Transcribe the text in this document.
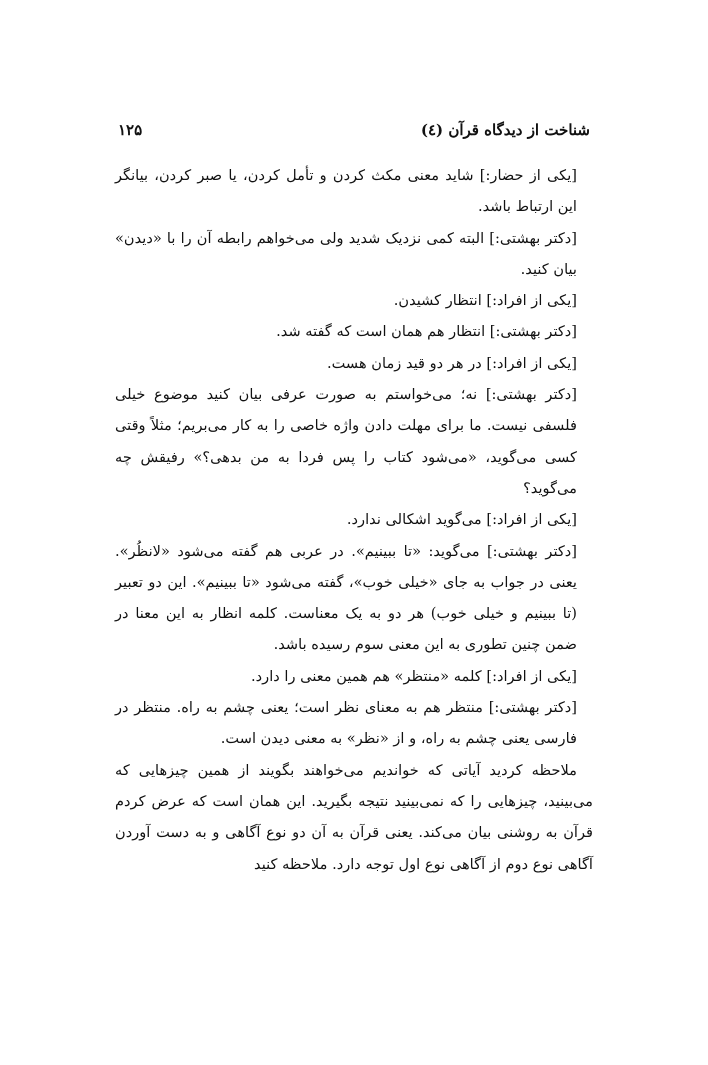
شناخت از دیدگاه قرآن (٤)
۱۲۵

[یکی از حضار:] شاید معنی مکث کردن و تأمل کردن، یا صبر کردن، بیانگر این ارتباط باشد.

[دکتر بهشتی:] البته کمی نزدیک شدید ولی می‌خواهم رابطه آن را با «دیدن» بیان کنید.

[یکی از افراد:] انتظار کشیدن.

[دکتر بهشتی:] انتظار هم همان است که گفته شد.

[یکی از افراد:] در هر دو قید زمان هست.

[دکتر بهشتی:] نه؛ می‌خواستم به صورت عرفی بیان کنید موضوع خیلی فلسفی نیست. ما برای مهلت دادن واژه خاصی را به کار می‌بریم؛ مثلاً وقتی کسی می‌گوید، «می‌شود کتاب را پس فردا به من بدهی؟» رفیقش چه می‌گوید؟

[یکی از افراد:] می‌گوید اشکالی ندارد.

[دکتر بهشتی:] می‌گوید: «تا ببینیم». در عربی هم گفته می‌شود «لانظُر». یعنی در جواب به جای «خیلی خوب»، گفته می‌شود «تا ببینیم». این دو تعبیر (تا ببینیم و خیلی خوب) هر دو به یک معناست. کلمه انظار به این معنا در ضمن چنین تطوری به این معنی سوم رسیده باشد.

[یکی از افراد:] کلمه «منتظر» هم همین معنی را دارد.

[دکتر بهشتی:] منتظر هم به معنای نظر است؛ یعنی چشم به راه. منتظر در فارسی یعنی چشم به راه، و از «نظر» به معنی دیدن است.

ملاحظه کردید آیاتی که خواندیم می‌خواهند بگویند از همین چیزهایی که می‌بینید، چیزهایی را که نمی‌بینید نتیجه بگیرید. این همان است که عرض کردم قرآن به روشنی بیان می‌کند. یعنی قرآن به آن دو نوع آگاهی و به دست آوردن آگاهی نوع دوم از آگاهی نوع اول توجه دارد. ملاحظه کنید
